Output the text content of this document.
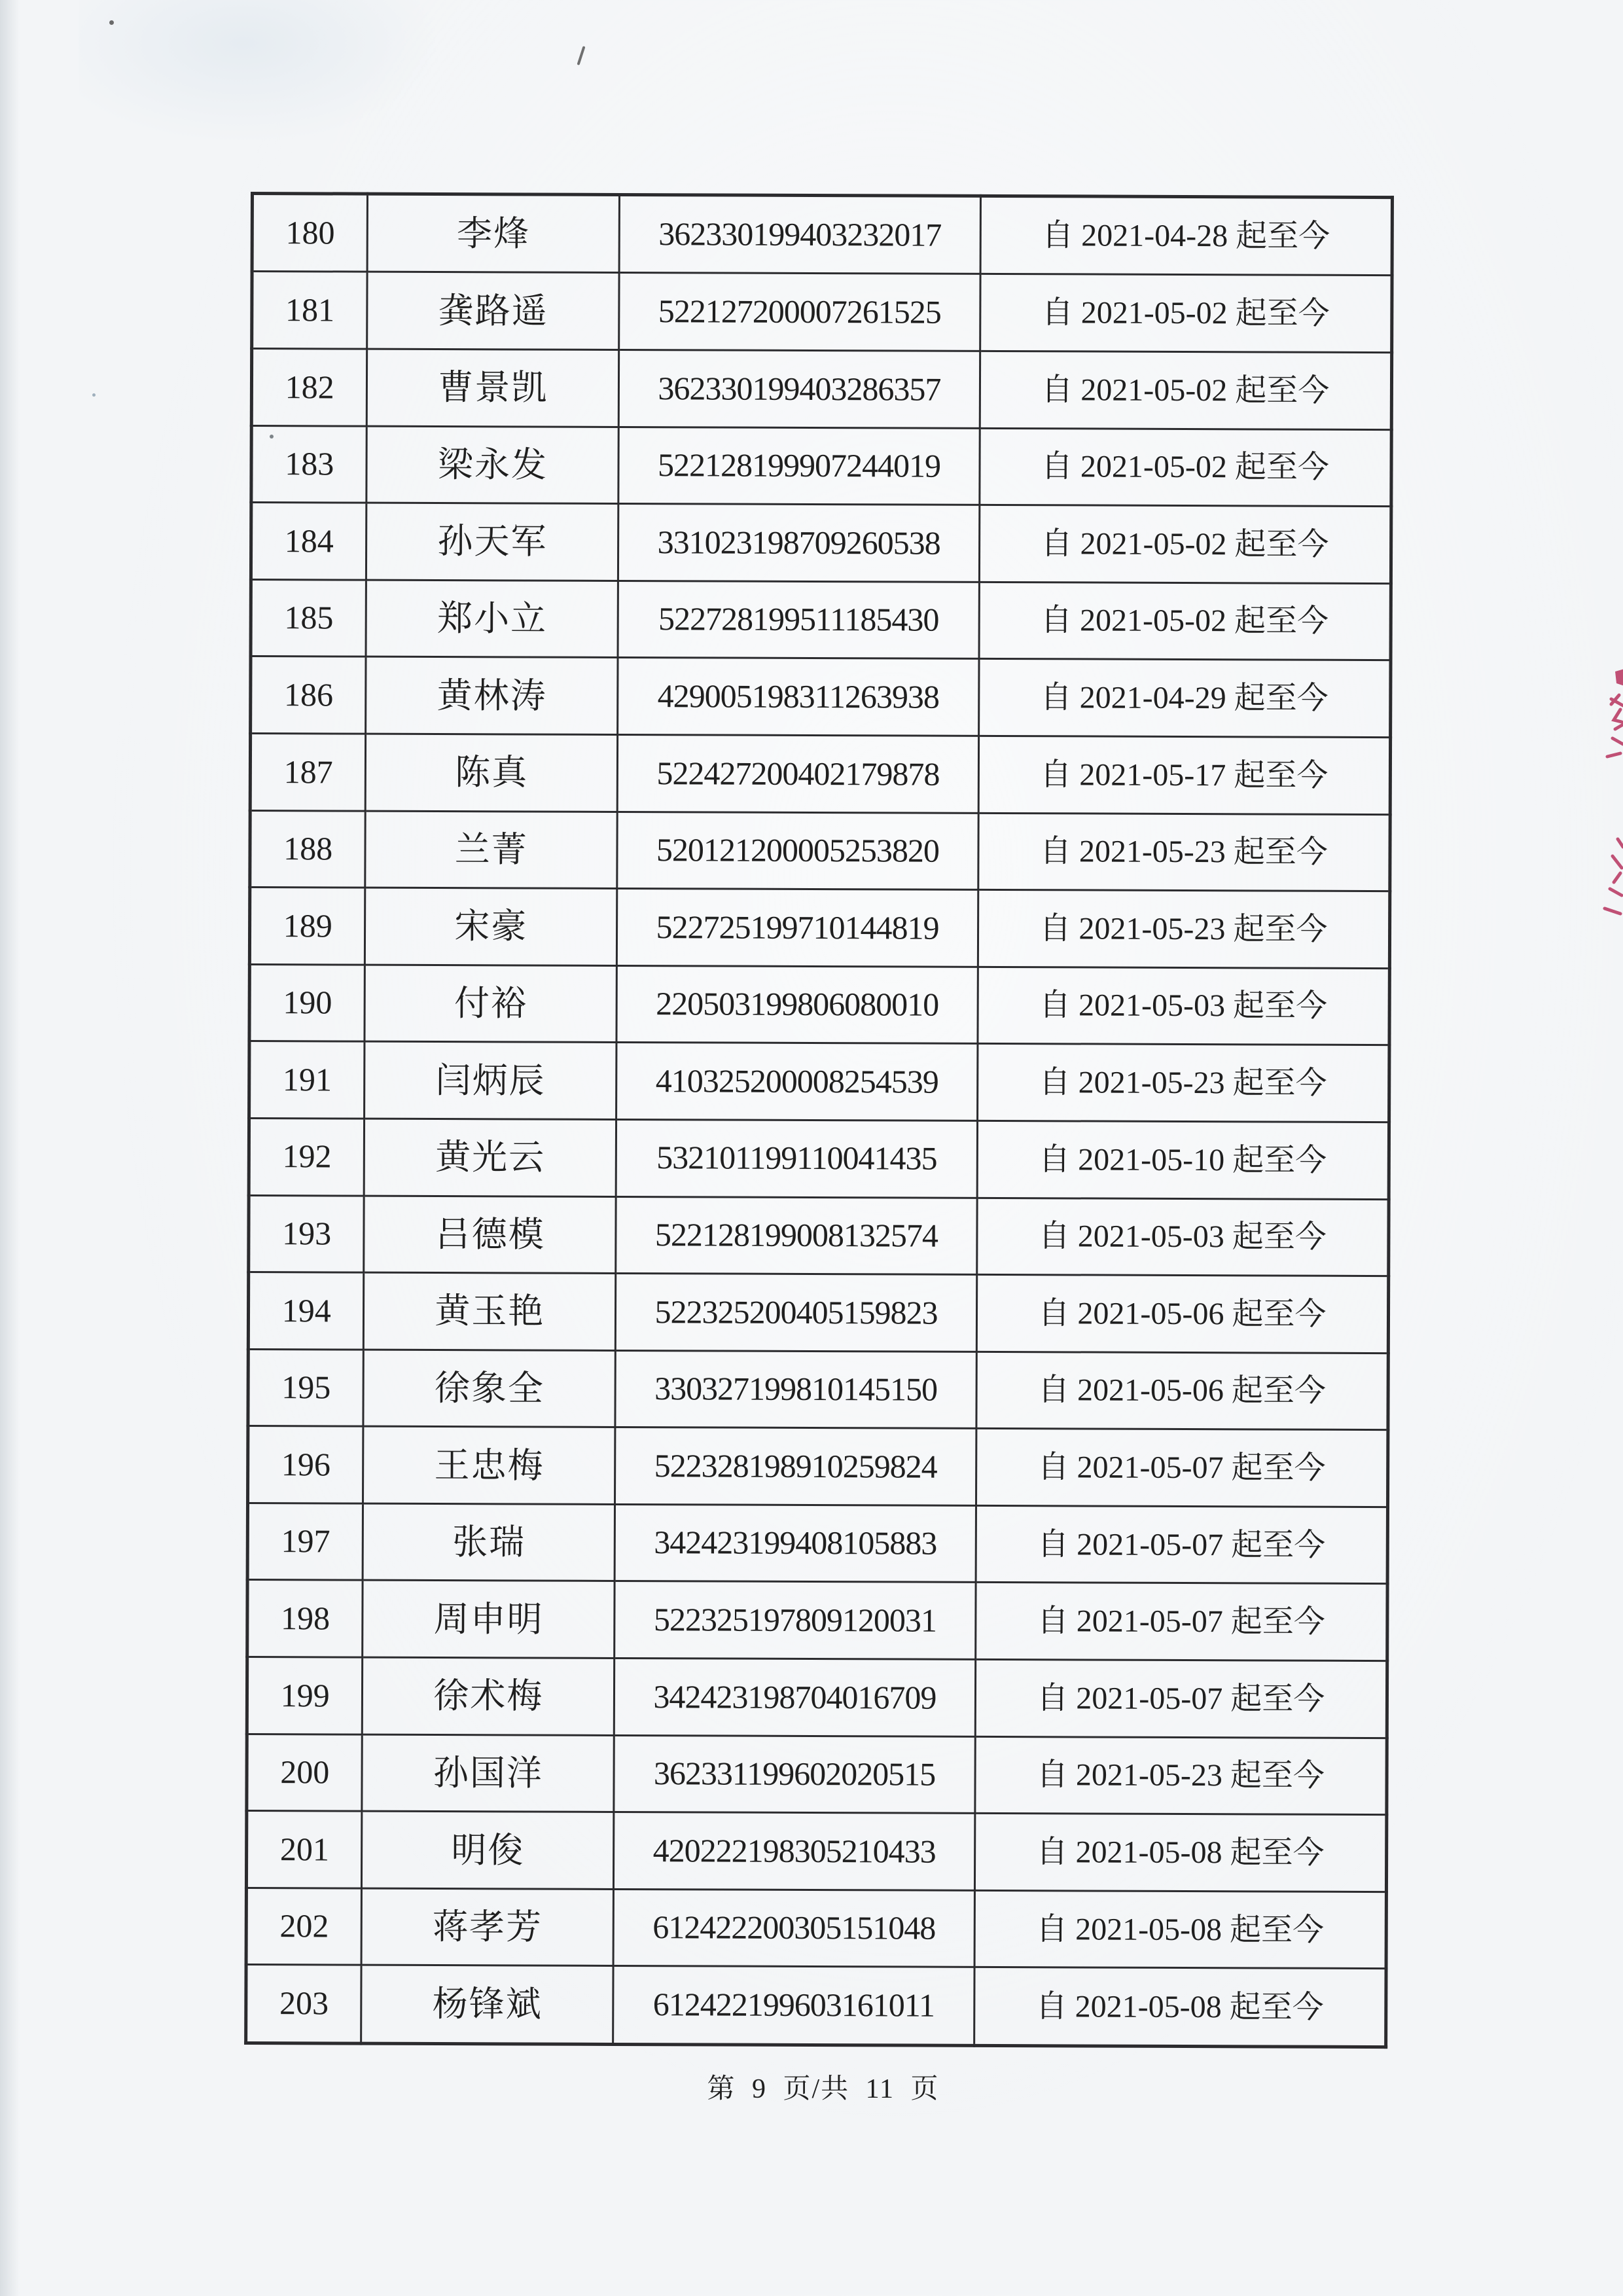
180	李烽	362330199403232017	自 2021-04-28 起至今
181	龚路遥	522127200007261525	自 2021-05-02 起至今
182	曹景凯	362330199403286357	自 2021-05-02 起至今
183	梁永发	522128199907244019	自 2021-05-02 起至今
184	孙天军	331023198709260538	自 2021-05-02 起至今
185	郑小立	522728199511185430	自 2021-05-02 起至今
186	黄林涛	429005198311263938	自 2021-04-29 起至今
187	陈真	522427200402179878	自 2021-05-17 起至今
188	兰菁	520121200005253820	自 2021-05-23 起至今
189	宋豪	522725199710144819	自 2021-05-23 起至今
190	付裕	220503199806080010	自 2021-05-03 起至今
191	闫炳辰	410325200008254539	自 2021-05-23 起至今
192	黄光云	532101199110041435	自 2021-05-10 起至今
193	吕德模	522128199008132574	自 2021-05-03 起至今
194	黄玉艳	522325200405159823	自 2021-05-06 起至今
195	徐象全	330327199810145150	自 2021-05-06 起至今
196	王忠梅	522328198910259824	自 2021-05-07 起至今
197	张瑞	342423199408105883	自 2021-05-07 起至今
198	周申明	522325197809120031	自 2021-05-07 起至今
199	徐术梅	342423198704016709	自 2021-05-07 起至今
200	孙国洋	362331199602020515	自 2021-05-23 起至今
201	明俊	420222198305210433	自 2021-05-08 起至今
202	蒋孝芳	612422200305151048	自 2021-05-08 起至今
203	杨锋斌	612422199603161011	自 2021-05-08 起至今
第 9 页/共 11 页
